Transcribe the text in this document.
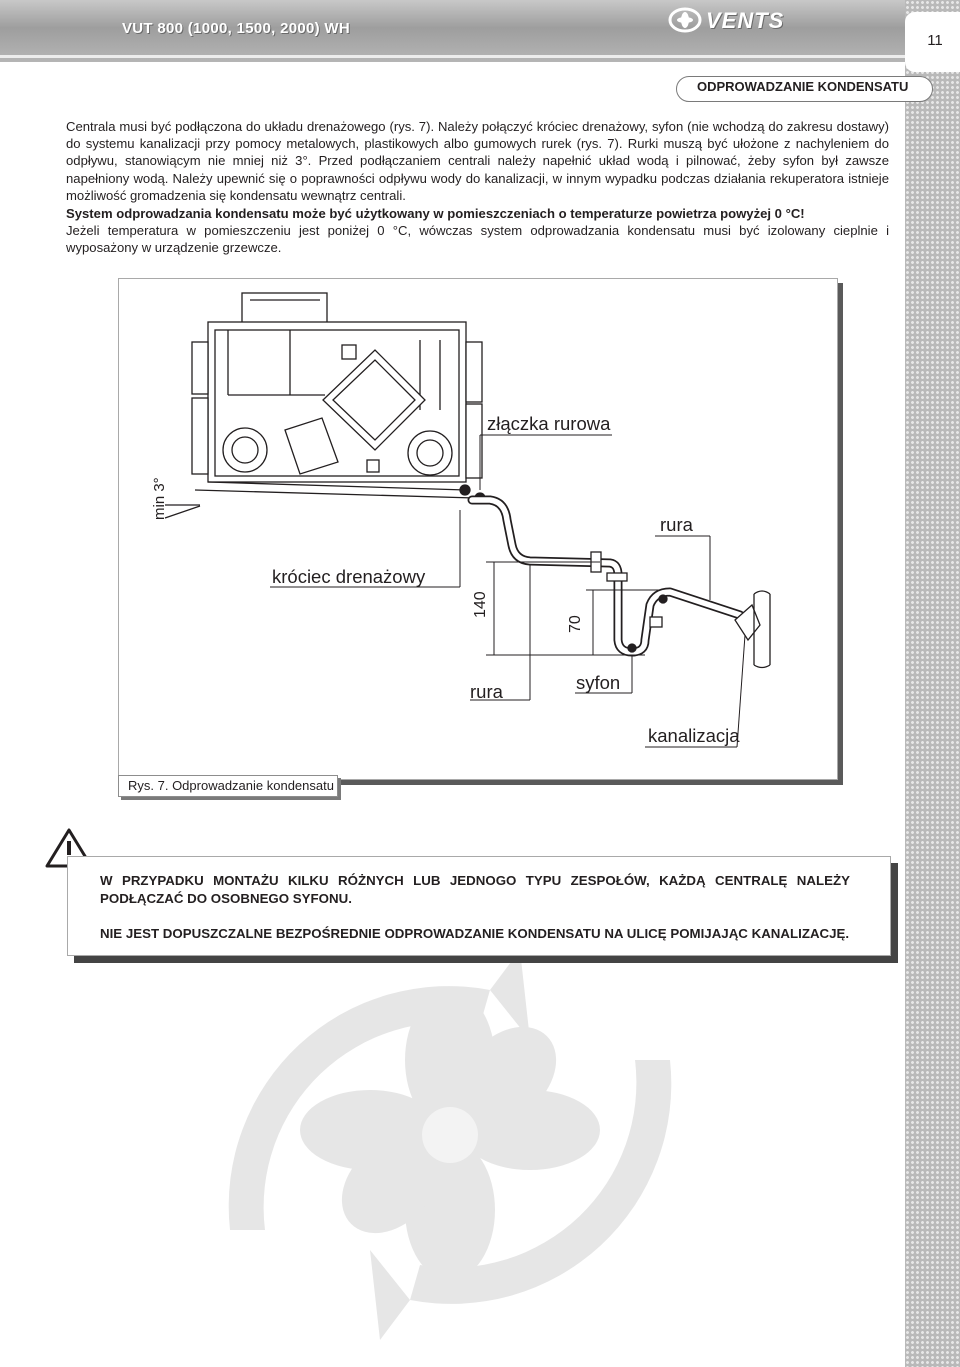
VUT 800 (1000, 1500, 2000) WH	VENTS
11
ODPROWADZANIE KONDENSATU

Centrala musi być podłączona do układu drenażowego (rys. 7). Należy połączyć króciec drenażowy, syfon (nie wchodzą do zakresu dostawy) do systemu kanalizacji przy pomocy metalowych, plastikowych albo gumowych rurek (rys. 7). Rurki muszą być ułożone z nachyleniem do odpływu, stanowiącym nie mniej niż 3°. Przed podłączaniem centrali należy napełnić układ wodą i pilnować, żeby syfon był zawsze napełniony wodą. Należy upewnić się o poprawności odpływu wody do kanalizacji, w innym wypadku podczas działania rekuperatora istnieje możliwość gromadzenia się kondensatu wewnątrz centrali.

System odprowadzania kondensatu może być użytkowany w pomieszczeniach o temperaturze powietrza powyżej 0 °C!

Jeżeli temperatura w pomieszczeniu jest poniżej 0 °C, wówczas system odprowadzania kondensatu musi być izolowany cieplnie i wyposażony w urządzenie grzewcze.

złączka rurowa
rura
króciec drenażowy
rura	syfon
kanalizacja
min 3°
140
70
Rys. 7. Odprowadzanie kondensatu

W PRZYPADKU MONTAŻU KILKU RÓŻNYCH LUB JEDNOGO TYPU ZESPOŁÓW, KAŻDĄ CENTRALĘ NALEŻY PODŁĄCZAĆ DO OSOBNEGO SYFONU.

NIE JEST DOPUSZCZALNE BEZPOŚREDNIE ODPROWADZANIE KONDENSATU NA ULICĘ POMIJAJĄC KANALIZACJĘ.
